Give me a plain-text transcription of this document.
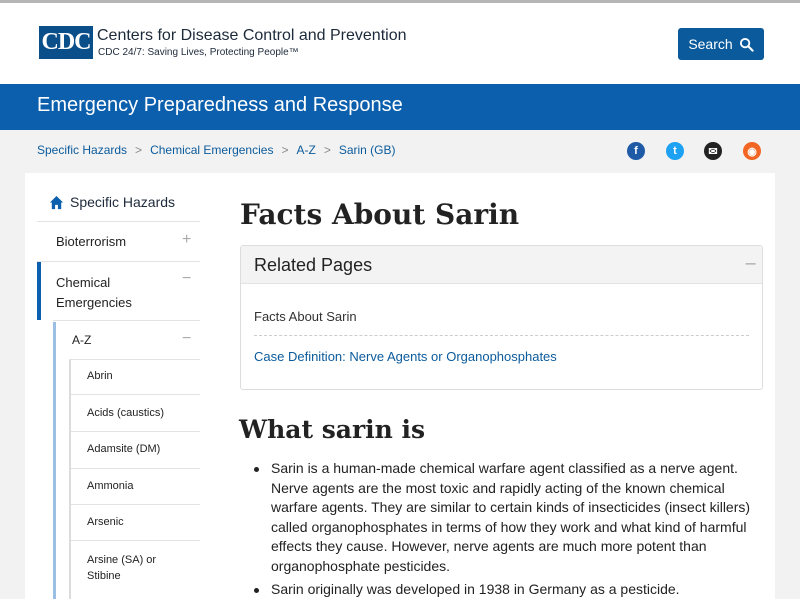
CDC Centers for Disease Control and Prevention
CDC 24/7: Saving Lives, Protecting People™
Search
Emergency Preparedness and Response
Specific Hazards > Chemical Emergencies > A-Z > Sarin (GB)	f	t	✉	◉
Specific Hazards
Bioterrorism	+
Chemical Emergencies
−
A-Z	−
Abrin
Acids (caustics)
Adamsite (DM)
Ammonia
Arsenic
Arsine (SA) or Stibine
Facts About Sarin
Related Pages	−
Facts About Sarin
Case Definition: Nerve Agents or Organophosphates
What sarin is
Sarin is a human-made chemical warfare agent classified as a nerve agent. Nerve agents are the most toxic and rapidly acting of the known chemical warfare agents. They are similar to certain kinds of insecticides (insect killers) called organophosphates in terms of how they work and what kind of harmful effects they cause. However, nerve agents are much more potent than organophosphate pesticides.
Sarin originally was developed in 1938 in Germany as a pesticide.
